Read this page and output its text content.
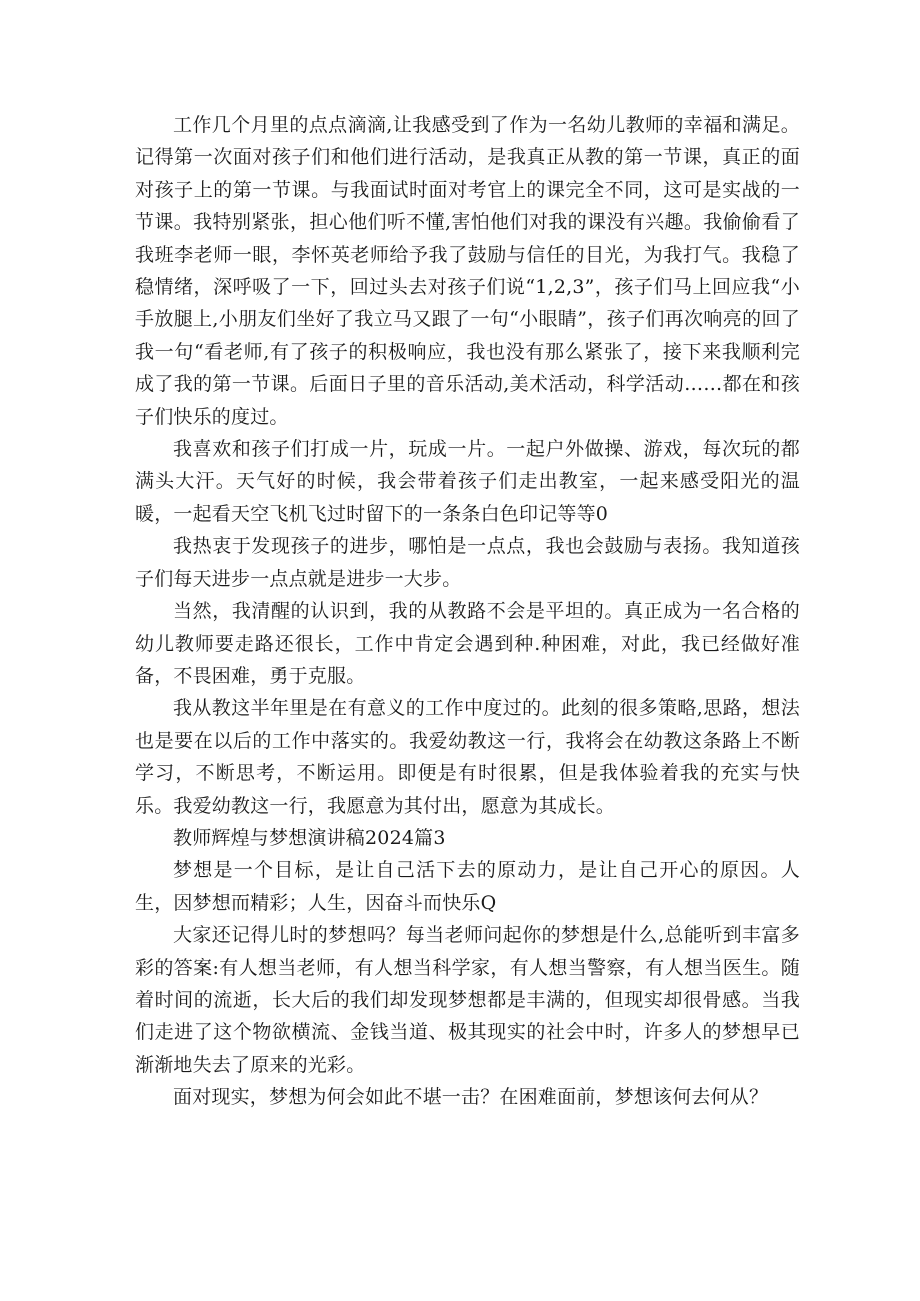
工作几个月里的点点滴滴,让我感受到了作为一名幼儿教师的幸福和满足。记得第一次面对孩子们和他们进行活动，是我真正从教的第一节课，真正的面对孩子上的第一节课。与我面试时面对考官上的课完全不同，这可是实战的一节课。我特别紧张，担心他们听不懂,害怕他们对我的课没有兴趣。我偷偷看了我班李老师一眼，李怀英老师给予我了鼓励与信任的目光，为我打气。我稳了稳情绪，深呼吸了一下，回过头去对孩子们说“1,2,3”，孩子们马上回应我“小手放腿上,小朋友们坐好了我立马又跟了一句“小眼睛”，孩子们再次响亮的回了我一句“看老师,有了孩子的积极响应，我也没有那么紧张了，接下来我顺利完成了我的第一节课。后面日子里的音乐活动,美术活动，科学活动……都在和孩子们快乐的度过。

我喜欢和孩子们打成一片，玩成一片。一起户外做操、游戏，每次玩的都满头大汗。天气好的时候，我会带着孩子们走出教室，一起来感受阳光的温暖，一起看天空飞机飞过时留下的一条条白色印记等等0

我热衷于发现孩子的进步，哪怕是一点点，我也会鼓励与表扬。我知道孩子们每天进步一点点就是进步一大步。

当然，我清醒的认识到，我的从教路不会是平坦的。真正成为一名合格的幼儿教师要走路还很长，工作中肯定会遇到种.种困难，对此，我已经做好准备，不畏困难，勇于克服。

我从教这半年里是在有意义的工作中度过的。此刻的很多策略,思路，想法也是要在以后的工作中落实的。我爱幼教这一行，我将会在幼教这条路上不断学习，不断思考，不断运用。即便是有时很累，但是我体验着我的充实与快乐。我爱幼教这一行，我愿意为其付出，愿意为其成长。

教师辉煌与梦想演讲稿2024篇3

梦想是一个目标，是让自己活下去的原动力，是让自己开心的原因。人生，因梦想而精彩；人生，因奋斗而快乐Q

大家还记得儿时的梦想吗？每当老师问起你的梦想是什么,总能听到丰富多彩的答案:有人想当老师，有人想当科学家，有人想当警察，有人想当医生。随着时间的流逝，长大后的我们却发现梦想都是丰满的，但现实却很骨感。当我们走进了这个物欲横流、金钱当道、极其现实的社会中时，许多人的梦想早已渐渐地失去了原来的光彩。

面对现实，梦想为何会如此不堪一击？在困难面前，梦想该何去何从？
